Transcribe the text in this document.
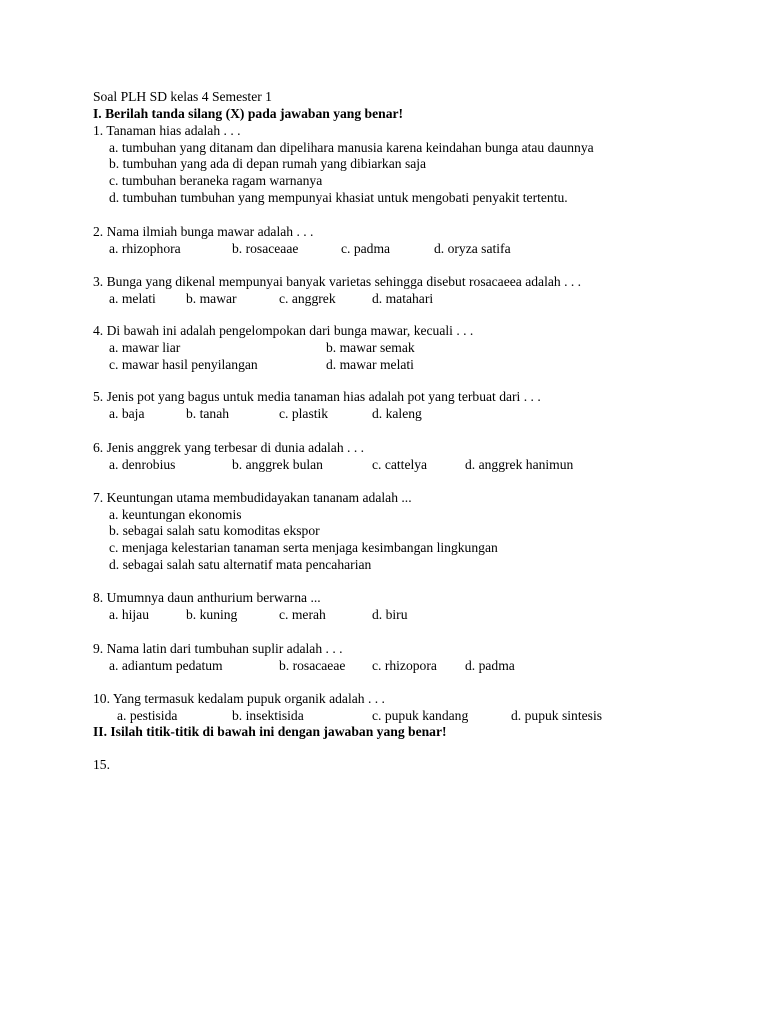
Soal PLH SD kelas 4 Semester 1
I. Berilah tanda silang (X) pada jawaban yang benar!
1. Tanaman hias adalah . . .
a. tumbuhan yang ditanam dan dipelihara manusia karena keindahan bunga atau daunnya
b. tumbuhan yang ada di depan rumah yang dibiarkan saja
c. tumbuhan beraneka ragam warnanya
d. tumbuhan tumbuhan yang mempunyai khasiat untuk mengobati penyakit tertentu.
2. Nama ilmiah bunga mawar adalah . . .
a. rhizophora	b. rosaceaae	c. padma	d. oryza satifa
3. Bunga yang dikenal mempunyai banyak varietas sehingga disebut rosacaeea adalah . . .
a. melati b. mawar	c. anggrek	d. matahari
4. Di bawah ini adalah pengelompokan dari bunga mawar, kecuali . . .
a. mawar liar	b. mawar semak
c. mawar hasil penyilangan	d. mawar melati
5. Jenis pot yang bagus untuk media tanaman hias adalah pot yang terbuat dari . . .
a. baja	b. tanah	c. plastik	d. kaleng
6. Jenis anggrek yang terbesar di dunia adalah . . .
a. denrobius	b. anggrek bulan	c. cattelya	d. anggrek hanimun
7. Keuntungan utama membudidayakan tananam adalah ...
a. keuntungan ekonomis
b. sebagai salah satu komoditas ekspor
c. menjaga kelestarian tanaman serta menjaga kesimbangan lingkungan
d. sebagai salah satu alternatif mata pencaharian
8. Umumnya daun anthurium berwarna ...
a. hijau	b. kuning	c. merah	d. biru
9. Nama latin dari tumbuhan suplir adalah . . .
a. adiantum pedatum	b. rosacaeae c. rhizopora d. padma
10. Yang termasuk kedalam pupuk organik adalah . . .
a. pestisida	b. insektisida	c. pupuk kandang	d. pupuk sintesis
II. Isilah titik-titik di bawah ini dengan jawaban yang benar!
15.
